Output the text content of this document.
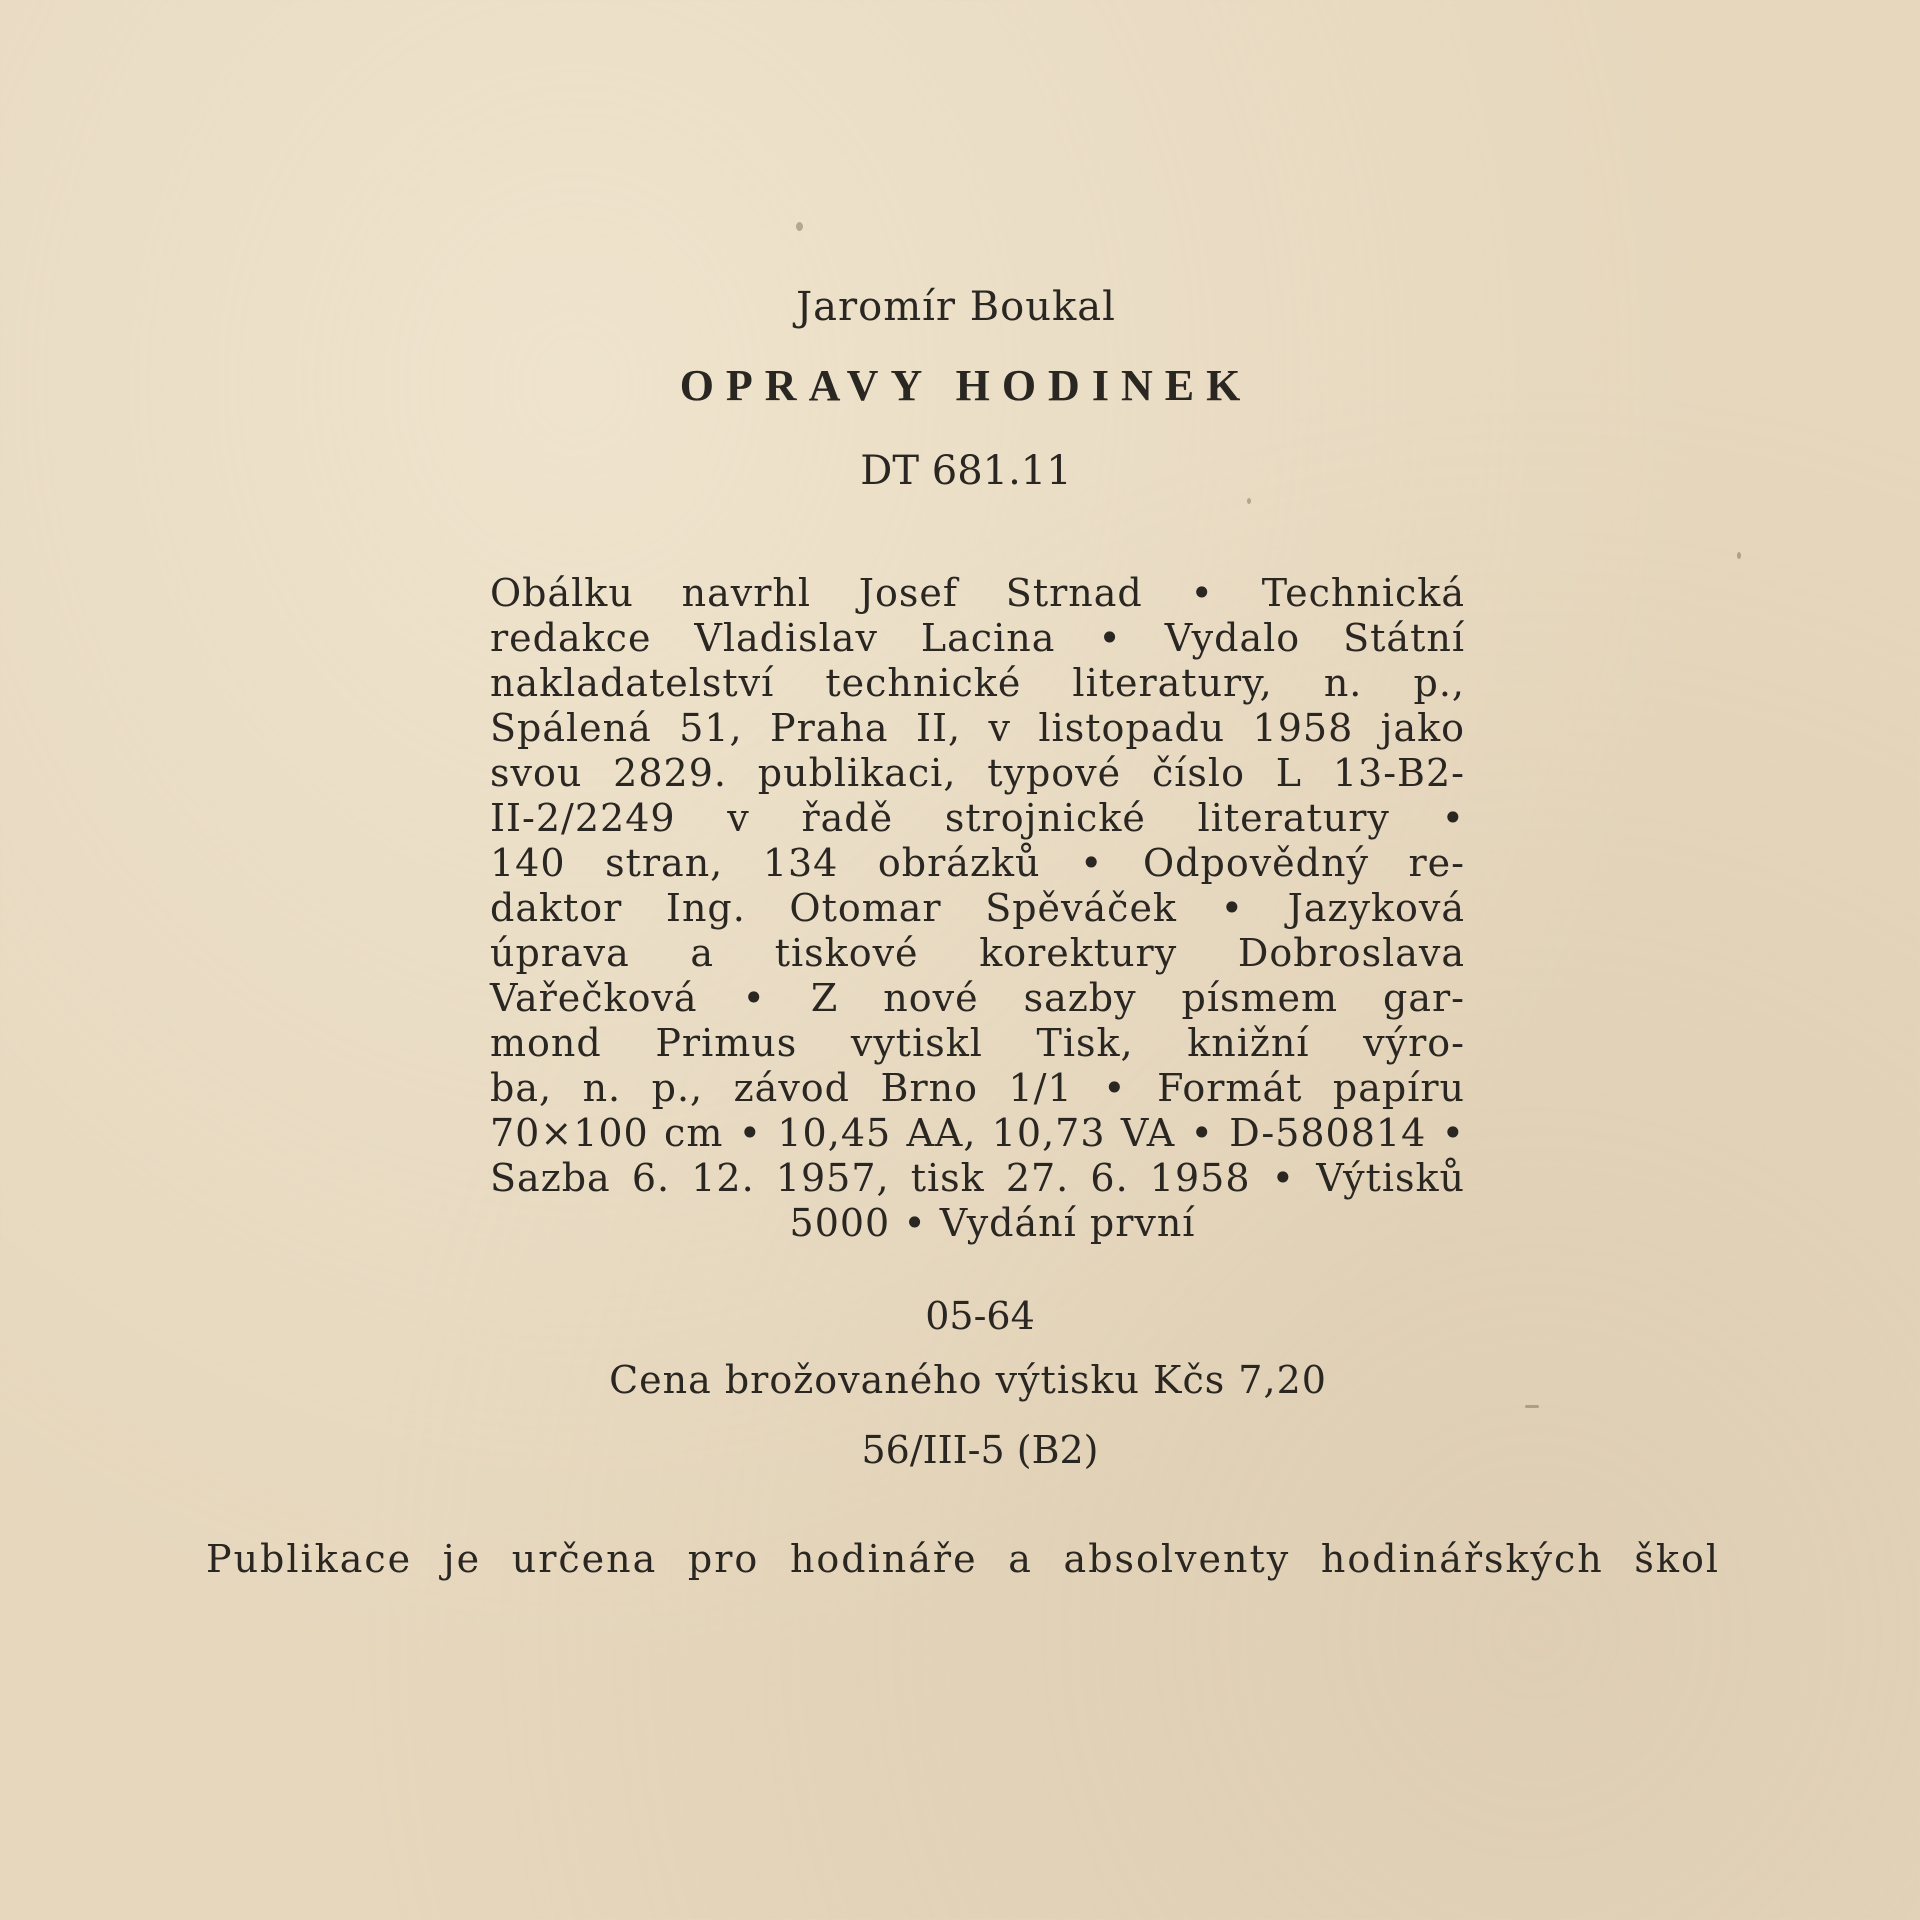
Jaromír Boukal
OPRAVY HODINEK
DT 681.11
Obálku navrhl Josef Strnad • Technická
redakce Vladislav Lacina • Vydalo Státní
nakladatelství technické literatury, n. p.,
Spálená 51, Praha II, v listopadu 1958 jako
svou 2829. publikaci, typové číslo L 13-B2-
II-2/2249 v řadě strojnické literatury •
140 stran, 134 obrázků • Odpovědný re-
daktor Ing. Otomar Spěváček • Jazyková
úprava a tiskové korektury Dobroslava
Vařečková • Z nové sazby písmem gar-
mond Primus vytiskl Tisk, knižní výro-
ba, n. p., závod Brno 1/1 • Formát papíru
70×100 cm • 10,45 AA, 10,73 VA • D-580814 •
Sazba 6. 12. 1957, tisk 27. 6. 1958 • Výtisků
5000 • Vydání první
05-64
Cena brožovaného výtisku Kčs 7,20
56/III-5 (B2)
Publikace je určena pro hodináře a absolventy hodinářských škol
